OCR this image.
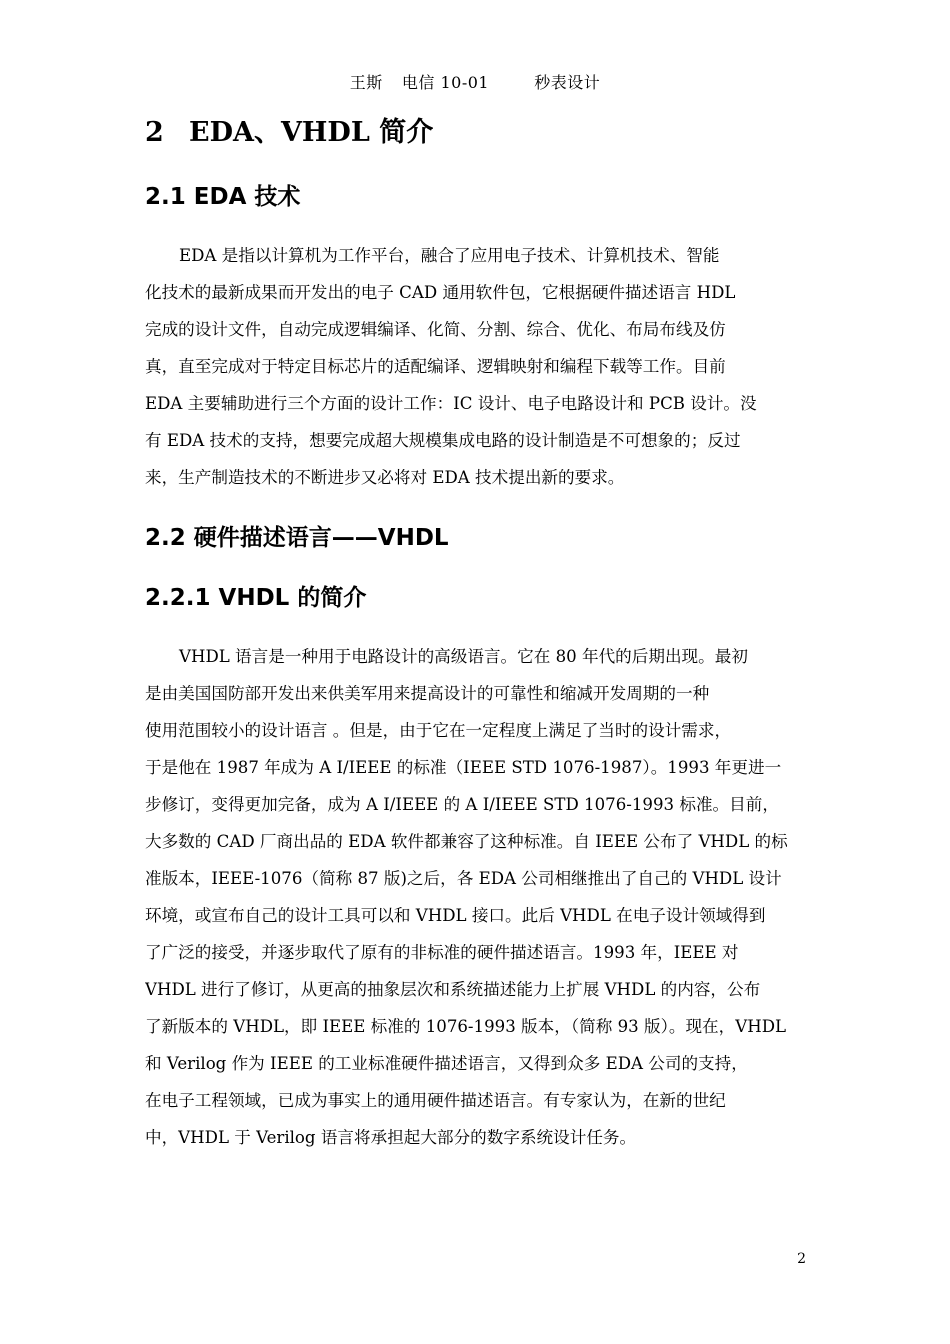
王斯 电信 10-01	秒表设计
2 EDA、VHDL 简介
2.1 EDA 技术
EDA 是指以计算机为工作平台，融合了应用电子技术、计算机技术、智能
化技术的最新成果而开发出的电子 CAD 通用软件包，它根据硬件描述语言 HDL
完成的设计文件，自动完成逻辑编译、化简、分割、综合、优化、布局布线及仿
真，直至完成对于特定目标芯片的适配编译、逻辑映射和编程下载等工作。目前
EDA 主要辅助进行三个方面的设计工作：IC 设计、电子电路设计和 PCB 设计。没
有 EDA 技术的支持，想要完成超大规模集成电路的设计制造是不可想象的；反过
来，生产制造技术的不断进步又必将对 EDA 技术提出新的要求。
2.2 硬件描述语言——VHDL
2.2.1 VHDL 的简介
VHDL 语言是一种用于电路设计的高级语言。它在 80 年代的后期出现。最初
是由美国国防部开发出来供美军用来提高设计的可靠性和缩减开发周期的一种
使用范围较小的设计语言 。但是，由于它在一定程度上满足了当时的设计需求，
于是他在 1987 年成为 A I/IEEE 的标准（IEEE STD 1076-1987）。1993 年更进一
步修订，变得更加完备，成为 A I/IEEE 的 A I/IEEE STD 1076-1993 标准。目前，
大多数的 CAD 厂商出品的 EDA 软件都兼容了这种标准。自 IEEE 公布了 VHDL 的标
准版本，IEEE-1076（简称 87 版)之后，各 EDA 公司相继推出了自己的 VHDL 设计
环境，或宣布自己的设计工具可以和 VHDL 接口。此后 VHDL 在电子设计领域得到
了广泛的接受，并逐步取代了原有的非标准的硬件描述语言。1993 年，IEEE 对
VHDL 进行了修订，从更高的抽象层次和系统描述能力上扩展 VHDL 的内容，公布
了新版本的 VHDL，即 IEEE 标准的 1076-1993 版本，（简称 93 版）。现在，VHDL
和 Verilog 作为 IEEE 的工业标准硬件描述语言，又得到众多 EDA 公司的支持，
在电子工程领域，已成为事实上的通用硬件描述语言。有专家认为，在新的世纪
中，VHDL 于 Verilog 语言将承担起大部分的数字系统设计任务。
2
